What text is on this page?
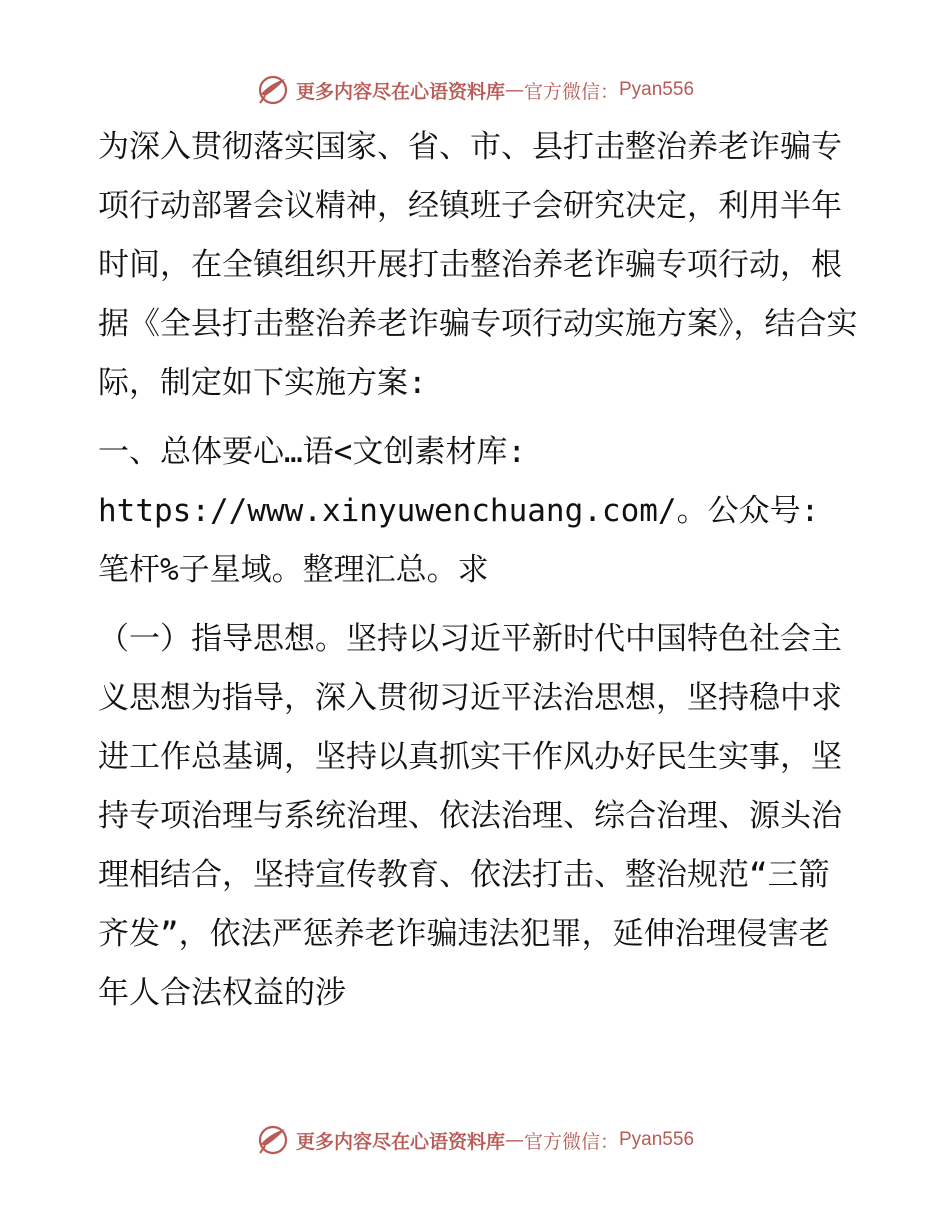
更多内容尽在心语资料库 — 官方微信： Pyan556

为深入贯彻落实国家、省、市、县打击整治养老诈骗专项行动部署会议精神，经镇班子会研究决定，利用半年时间，在全镇组织开展打击整治养老诈骗专项行动，根据《全县打击整治养老诈骗专项行动实施方案》，结合实际，制定如下实施方案:

一、总体要心…语<文创素材库: https://www.xinyuwenchuang.com/。公众号: 笔杆%子星域。整理汇总。求

（一）指导思想。坚持以习近平新时代中国特色社会主义思想为指导，深入贯彻习近平法治思想，坚持稳中求进工作总基调，坚持以真抓实干作风办好民生实事，坚持专项治理与系统治理、依法治理、综合治理、源头治理相结合，坚持宣传教育、依法打击、整治规范“三箭齐发”，依法严惩养老诈骗违法犯罪，延伸治理侵害老年人合法权益的涉

更多内容尽在心语资料库 — 官方微信： Pyan556
